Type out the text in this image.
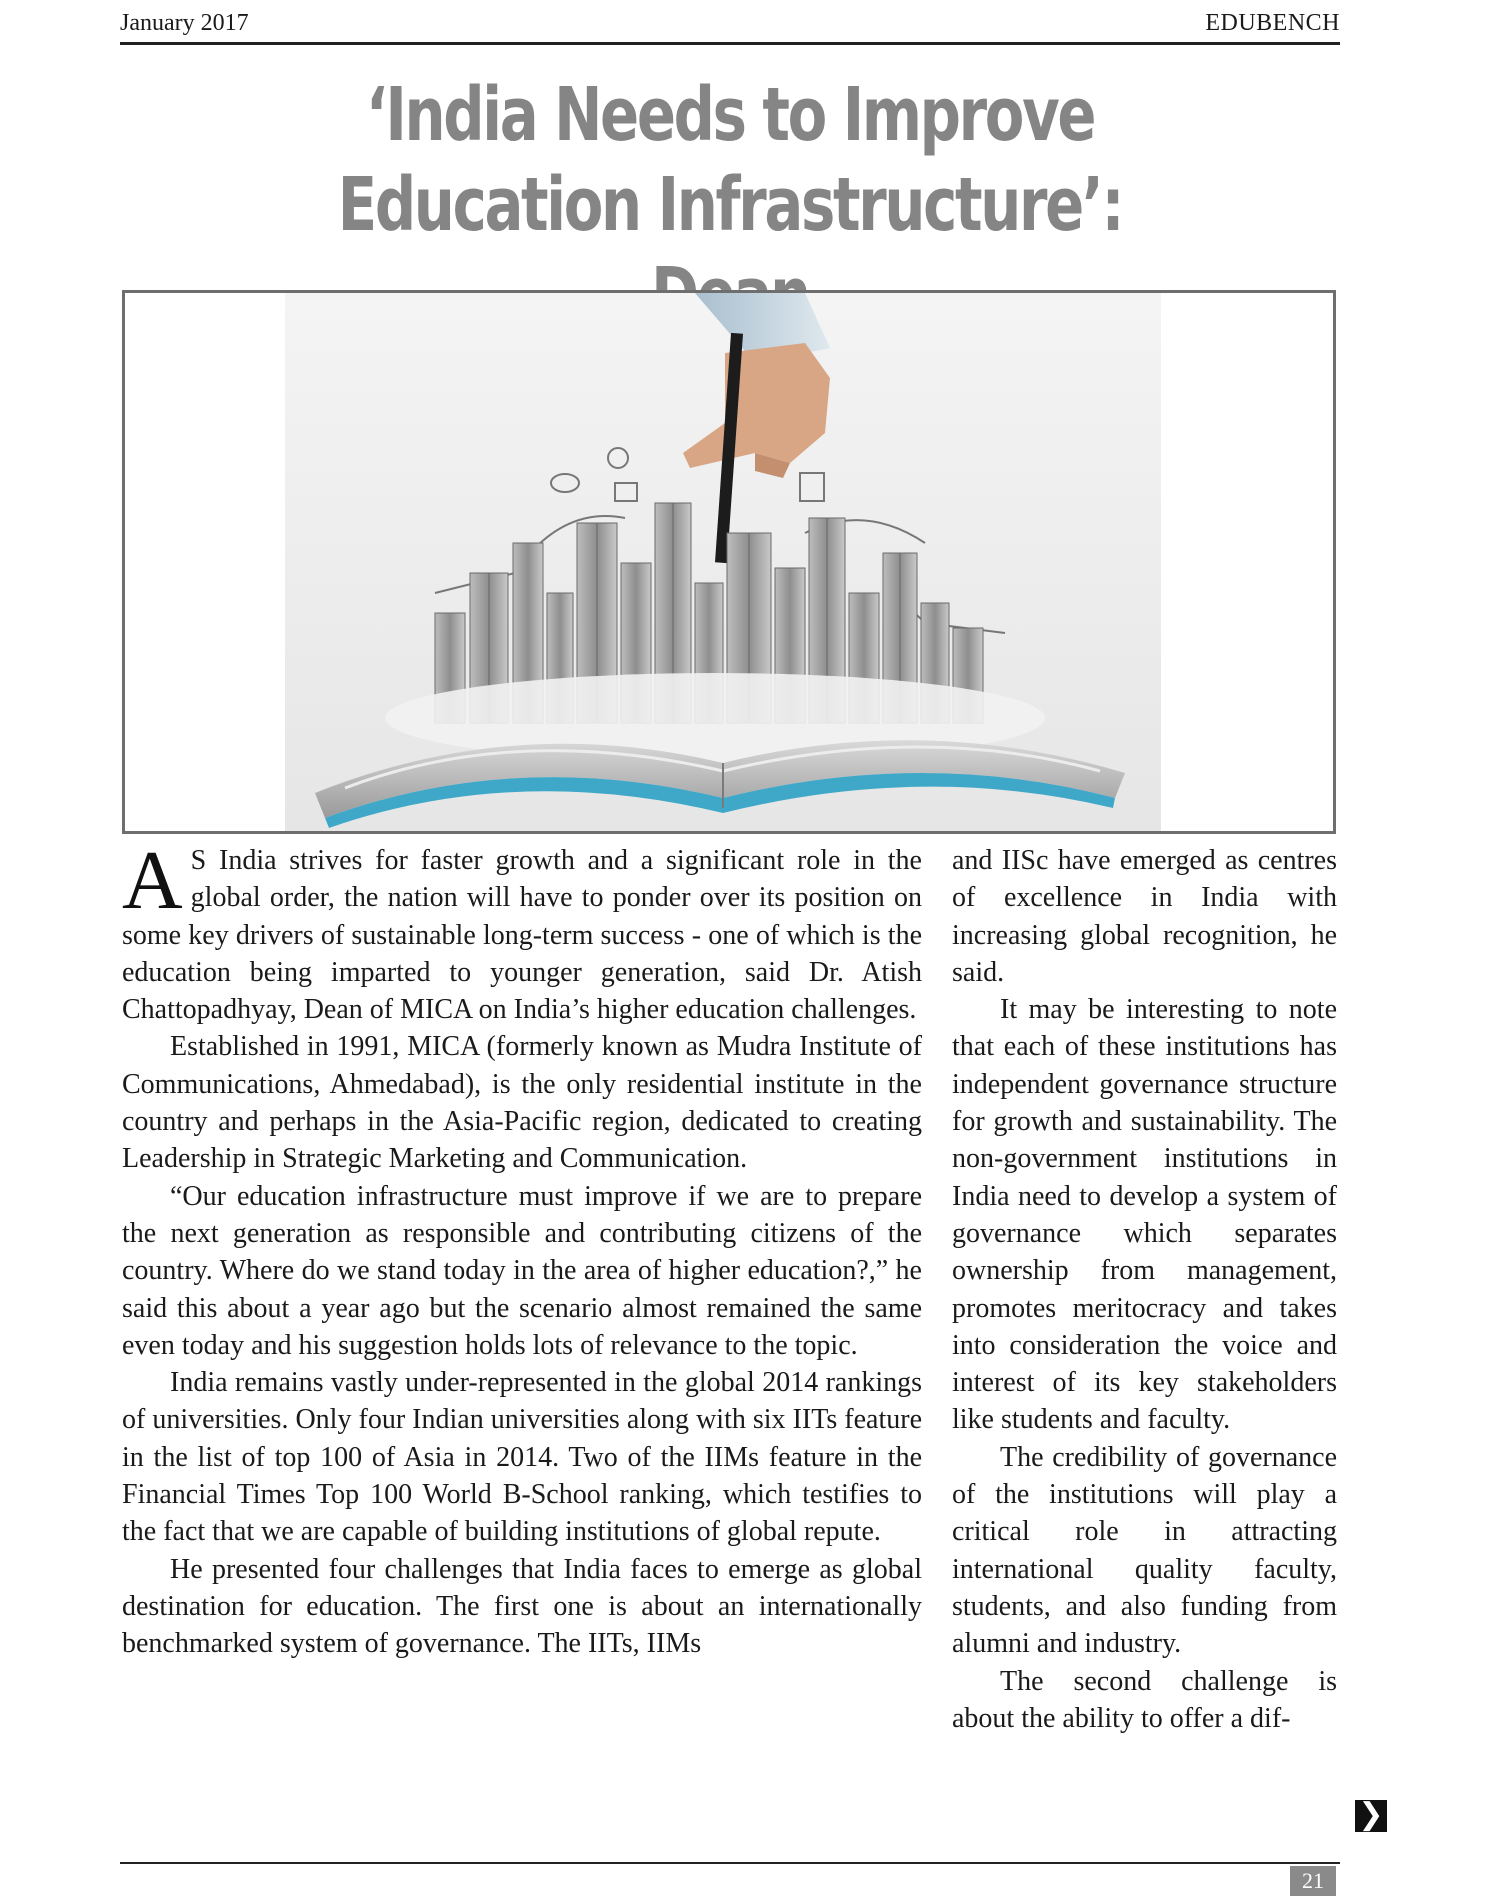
January 2017	EDUBENCH
‘India Needs to Improve Education Infrastructure’:

A S India strives for faster growth and a significant role in the global order, the nation will have to ponder over its position on some key drivers of sustainable long-term success - one of which is the education being imparted to younger generation, said Dr. Atish Chattopadhyay, Dean of MICA on India’s higher education challenges.

Established in 1991, MICA (formerly known as Mudra Institute of Communications, Ahmedabad), is the only residential institute in the country and perhaps in the Asia-Pacific region, dedicated to creating Leadership in Strategic Marketing and Communication.

“Our education infrastructure must improve if we are to prepare the next generation as responsible and contributing citizens of the country. Where do we stand today in the area of higher education?,” he said this about a year ago but the scenario almost remained the same even today and his suggestion holds lots of relevance to the topic.

India remains vastly under-represented in the global 2014 rankings of universities. Only four Indian universities along with six IITs feature in the list of top 100 of Asia in 2014. Two of the IIMs feature in the Financial Times Top 100 World B-School ranking, which testifies to the fact that we are capable of building institutions of global repute.

He presented four challenges that India faces to emerge as global destination for education. The first one is about an internationally benchmarked system of governance. The IITs, IIMs

and IISc have emerged as centres of excellence in India with increasing global recognition, he said.

It may be interesting to note that each of these institutions has independent governance structure for growth and sustainability. The non-government institutions in India need to develop a system of governance which separates ownership from management, promotes meritocracy and takes into consideration the voice and interest of its key stakeholders like students and faculty.

The credibility of governance of the institutions will play a critical role in attracting international quality faculty, students, and also funding from alumni and industry.

The second challenge is about the ability to offer a dif-

❯
21
